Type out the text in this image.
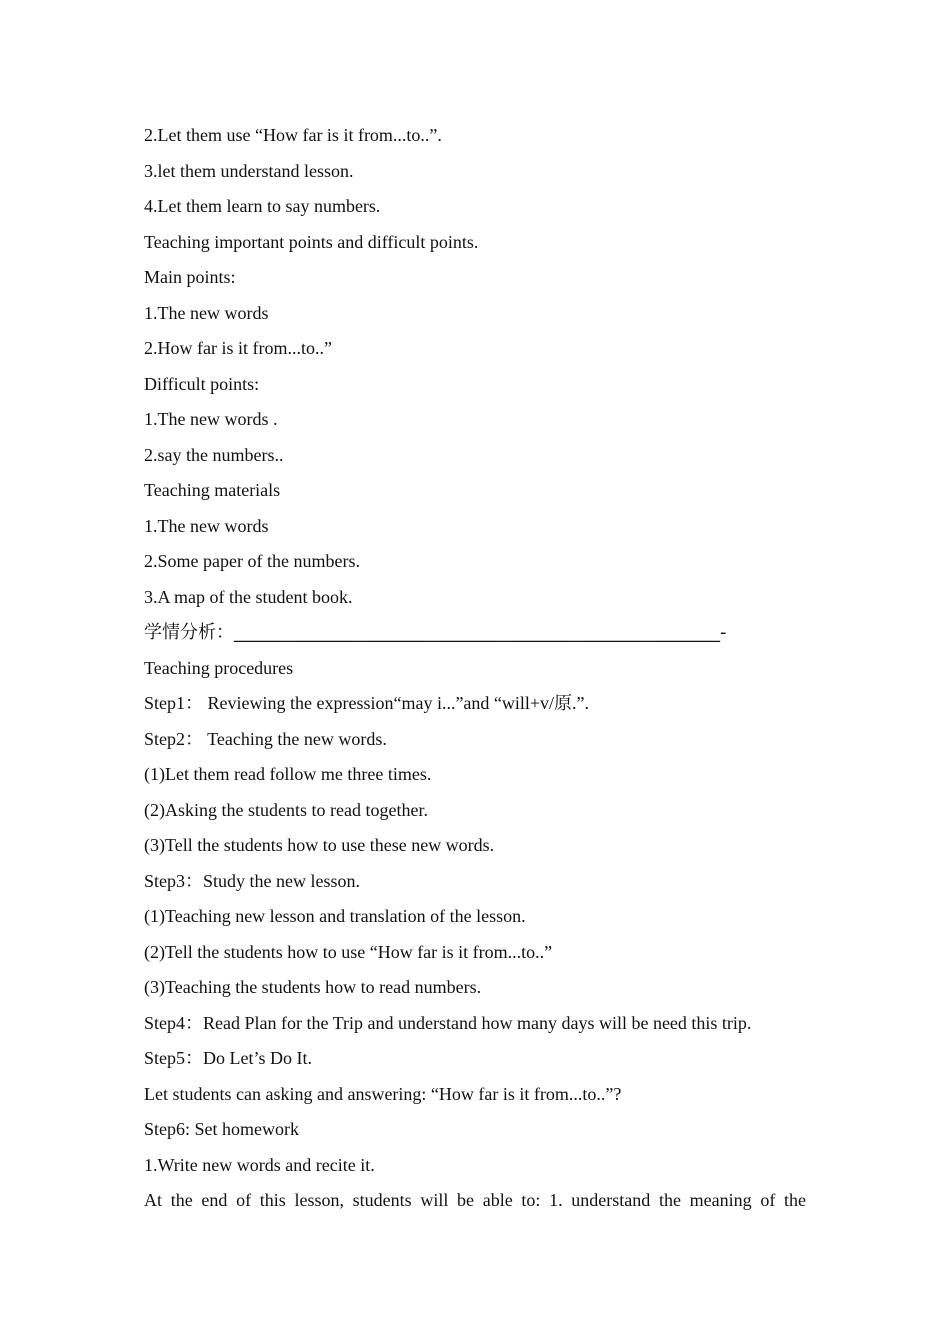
2.Let them use “How far is it from...to..”.
3.let them understand lesson.
4.Let them learn to say numbers.
Teaching important points and difficult points.
Main points:
1.The new words
2.How far is it from...to..”
Difficult points:
1.The new words .
2.say the numbers..
Teaching materials
1.The new words
2.Some paper of the numbers.
3.A map of the student book.
学情分析：______________________________________________________-
Teaching procedures
Step1： Reviewing the expression“may i...”and “will+v/原.”.
Step2： Teaching the new words.
(1)Let them read follow me three times.
(2)Asking the students to read together.
(3)Tell the students how to use these new words.
Step3：Study the new lesson.
(1)Teaching new lesson and translation of the lesson.
(2)Tell the students how to use “How far is it from...to..”
(3)Teaching the students how to read numbers.
Step4：Read Plan for the Trip and understand how many days will be need this trip.
Step5：Do Let’s Do It.
Let students can asking and answering: “How far is it from...to..”?
Step6: Set homework
1.Write new words and recite it.
At the end of this lesson, students will be able to: 1. understand the meaning of the
